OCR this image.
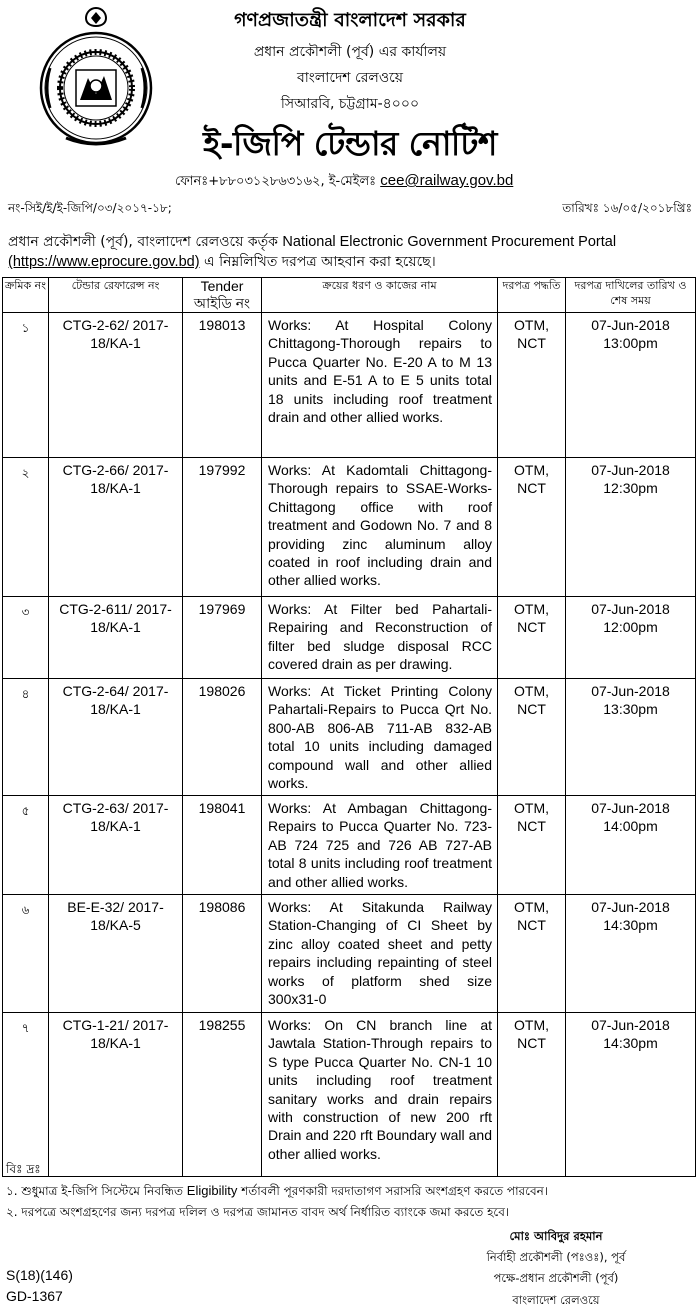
গণপ্রজাতন্ত্রী বাংলাদেশ সরকার
প্রধান প্রকৌশলী (পূর্ব) এর কার্যালয়
বাংলাদেশ রেলওয়ে
সিআরবি, চট্টগ্রাম-৪০০০
ই-জিপি টেন্ডার নোটিশ
ফোনঃ+৮৮০৩১২৮৬৩১৬২, ই-মেইলঃ cee@railway.gov.bd
নং-সিই/ই/ই-জিপি/০৩/২০১৭-১৮;	তারিখঃ ১৬/০৫/২০১৮খ্রিঃ
প্রধান প্রকৌশলী (পূর্ব), বাংলাদেশ রেলওয়ে কর্তৃক National Electronic Government Procurement Portal (https://www.eprocure.gov.bd) এ নিম্নলিখিত দরপত্র আহবান করা হয়েছে।
ক্রমিক নং	টেন্ডার রেফারেন্স নং	Tender আইডি নং	ক্রয়ের ধরণ ও কাজের নাম	দরপত্র পদ্ধতি	দরপত্র দাখিলের তারিখ ও শেষ সময়
১	CTG-2-62/ 2017-18/KA-1	198013	Works: At Hospital Colony Chittagong-Thorough repairs to Pucca Quarter No. E-20 A to M 13 units and E-51 A to E 5 units total 18 units including roof treatment drain and other allied works.	OTM, NCT	07-Jun-2018 13:00pm
২	CTG-2-66/ 2017-18/KA-1	197992	Works: At Kadomtali Chittagong-Thorough repairs to SSAE-Works-Chittagong office with roof treatment and Godown No. 7 and 8 providing zinc aluminum alloy coated in roof including drain and other allied works.	OTM, NCT	07-Jun-2018 12:30pm
৩	CTG-2-611/ 2017-18/KA-1	197969	Works: At Filter bed Pahartali-Repairing and Reconstruction of filter bed sludge disposal RCC covered drain as per drawing.	OTM, NCT	07-Jun-2018 12:00pm
৪	CTG-2-64/ 2017-18/KA-1	198026	Works: At Ticket Printing Colony Pahartali-Repairs to Pucca Qrt No. 800-AB 806-AB 711-AB 832-AB total 10 units including damaged compound wall and other allied works.	OTM, NCT	07-Jun-2018 13:30pm
৫	CTG-2-63/ 2017-18/KA-1	198041	Works: At Ambagan Chittagong-Repairs to Pucca Quarter No. 723-AB 724 725 and 726 AB 727-AB total 8 units including roof treatment and other allied works.	OTM, NCT	07-Jun-2018 14:00pm
৬	BE-E-32/ 2017-18/KA-5	198086	Works: At Sitakunda Railway Station-Changing of CI Sheet by zinc alloy coated sheet and petty repairs including repainting of steel works of platform shed size 300x31-0	OTM, NCT	07-Jun-2018 14:30pm
৭	CTG-1-21/ 2017-18/KA-1	198255	Works: On CN branch line at Jawtala Station-Through repairs to S type Pucca Quarter No. CN-1 10 units including roof treatment sanitary works and drain repairs with construction of new 200 rft Drain and 220 rft Boundary wall and other allied works.	OTM, NCT	07-Jun-2018 14:30pm
বিঃ দ্রঃ
১. শুধুমাত্র ই-জিপি সিস্টেমে নিবন্ধিত Eligibility শর্তাবলী পূরণকারী দরদাতাগণ সরাসরি অংশগ্রহণ করতে পারবেন।
২. দরপত্রে অংশগ্রহণের জন্য দরপত্র দলিল ও দরপত্র জামানত বাবদ অর্থ নির্ধারিত ব্যাংকে জমা করতে হবে।
মোঃ আবিদুর রহমান
নির্বাহী প্রকৌশলী (পঃওঃ), পূর্ব
পক্ষে-প্রধান প্রকৌশলী (পূর্ব)
বাংলাদেশ রেলওয়ে
S(18)(146)
GD-1367
